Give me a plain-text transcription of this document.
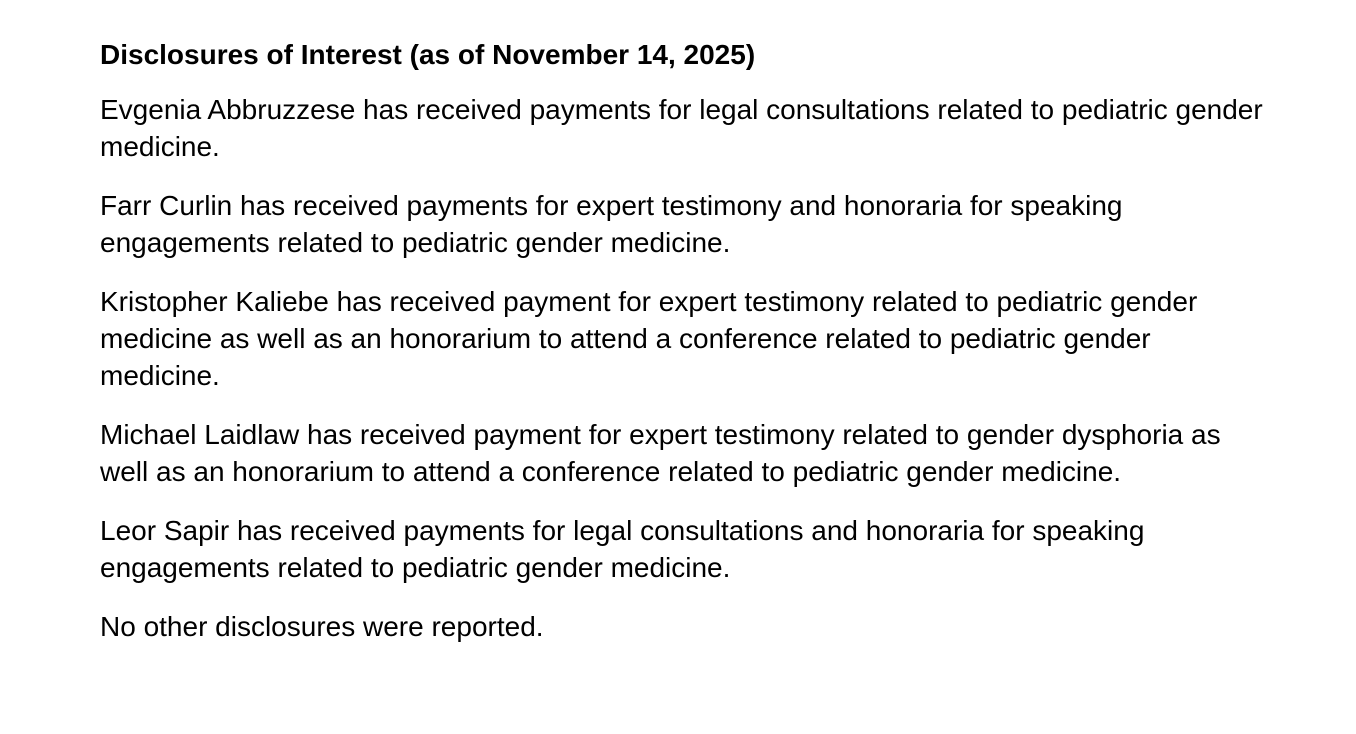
Disclosures of Interest (as of November 14, 2025)

Evgenia Abbruzzese has received payments for legal consultations related to pediatric gender medicine.

Farr Curlin has received payments for expert testimony and honoraria for speaking engagements related to pediatric gender medicine.

Kristopher Kaliebe has received payment for expert testimony related to pediatric gender medicine as well as an honorarium to attend a conference related to pediatric gender medicine.

Michael Laidlaw has received payment for expert testimony related to gender dysphoria as well as an honorarium to attend a conference related to pediatric gender medicine.

Leor Sapir has received payments for legal consultations and honoraria for speaking engagements related to pediatric gender medicine.

No other disclosures were reported.
